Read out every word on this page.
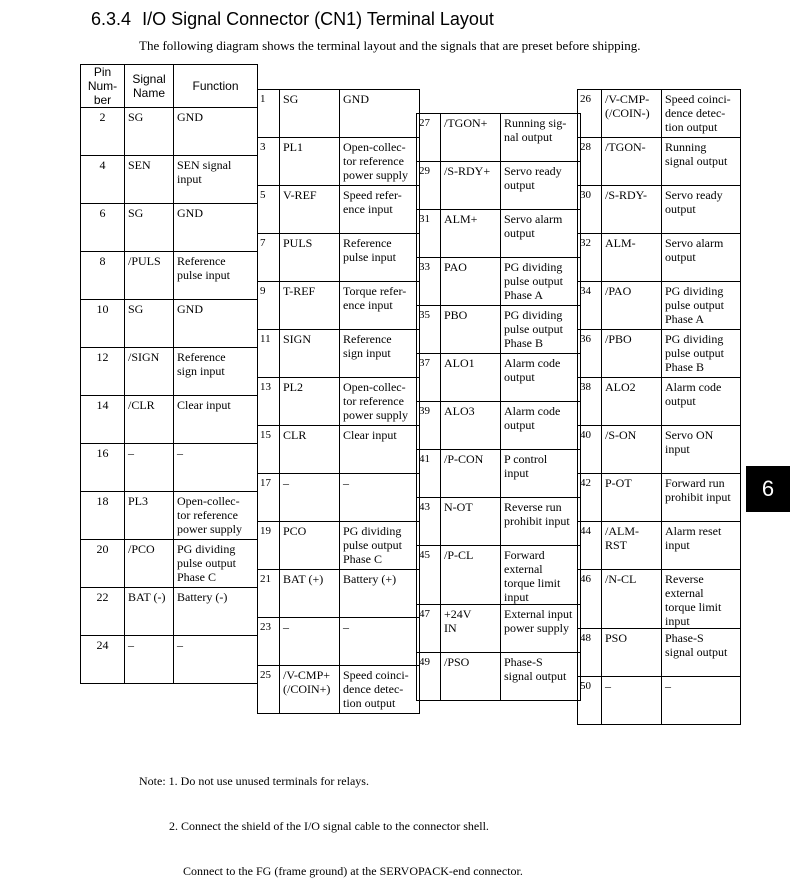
6.3.4 I/O Signal Connector (CN1) Terminal Layout
The following diagram shows the terminal layout and the signals that are preset before shipping.
Pin
Num-
ber	Signal
Name	Function
2	SG	GND
4	SEN	SEN signal
input
6	SG	GND
8	/PULS	Reference
pulse input
10	SG	GND
12	/SIGN	Reference
sign input
14	/CLR	Clear input
16	–	–
18	PL3	Open-collec-
tor reference
power supply
20	/PCO	PG dividing
pulse output
Phase C
22	BAT (-)	Battery (-)
24	–	–
1	SG	GND
3	PL1	Open-collec-
tor reference
power supply
5	V-REF	Speed refer-
ence input
7	PULS	Reference
pulse input
9	T-REF	Torque refer-
ence input
11	SIGN	Reference
sign input
13	PL2	Open-collec-
tor reference
power supply
15	CLR	Clear input
17	–	–
19	PCO	PG dividing
pulse output
Phase C
21	BAT (+)	Battery (+)
23	–	–
25	/V-CMP+
(/COIN+)	Speed coinci-
dence detec-
tion output
27	/TGON+	Running sig-
nal output
29	/S-RDY+	Servo ready
output
31	ALM+	Servo alarm
output
33	PAO	PG dividing
pulse output
Phase A
35	PBO	PG dividing
pulse output
Phase B
37	ALO1	Alarm code
output
39	ALO3	Alarm code
output
41	/P-CON	P control
input
43	N-OT	Reverse run
prohibit input
45	/P-CL	Forward
external
torque limit
input
47	+24V
IN	External input
power supply
49	/PSO	Phase-S
signal output
26	/V-CMP-
(/COIN-)	Speed coinci-
dence detec-
tion output
28	/TGON-	Running
signal output
30	/S-RDY-	Servo ready
output
32	ALM-	Servo alarm
output
34	/PAO	PG dividing
pulse output
Phase A
36	/PBO	PG dividing
pulse output
Phase B
38	ALO2	Alarm code
output
40	/S-ON	Servo ON
input
42	P-OT	Forward run
prohibit input
44	/ALM-
RST	Alarm reset
input
46	/N-CL	Reverse
external
torque limit
input
48	PSO	Phase-S
signal output
50	–	–
6

Note: 1. Do not use unused terminals for relays.

2. Connect the shield of the I/O signal cable to the connector shell.

Connect to the FG (frame ground) at the SERVOPACK-end connector.
